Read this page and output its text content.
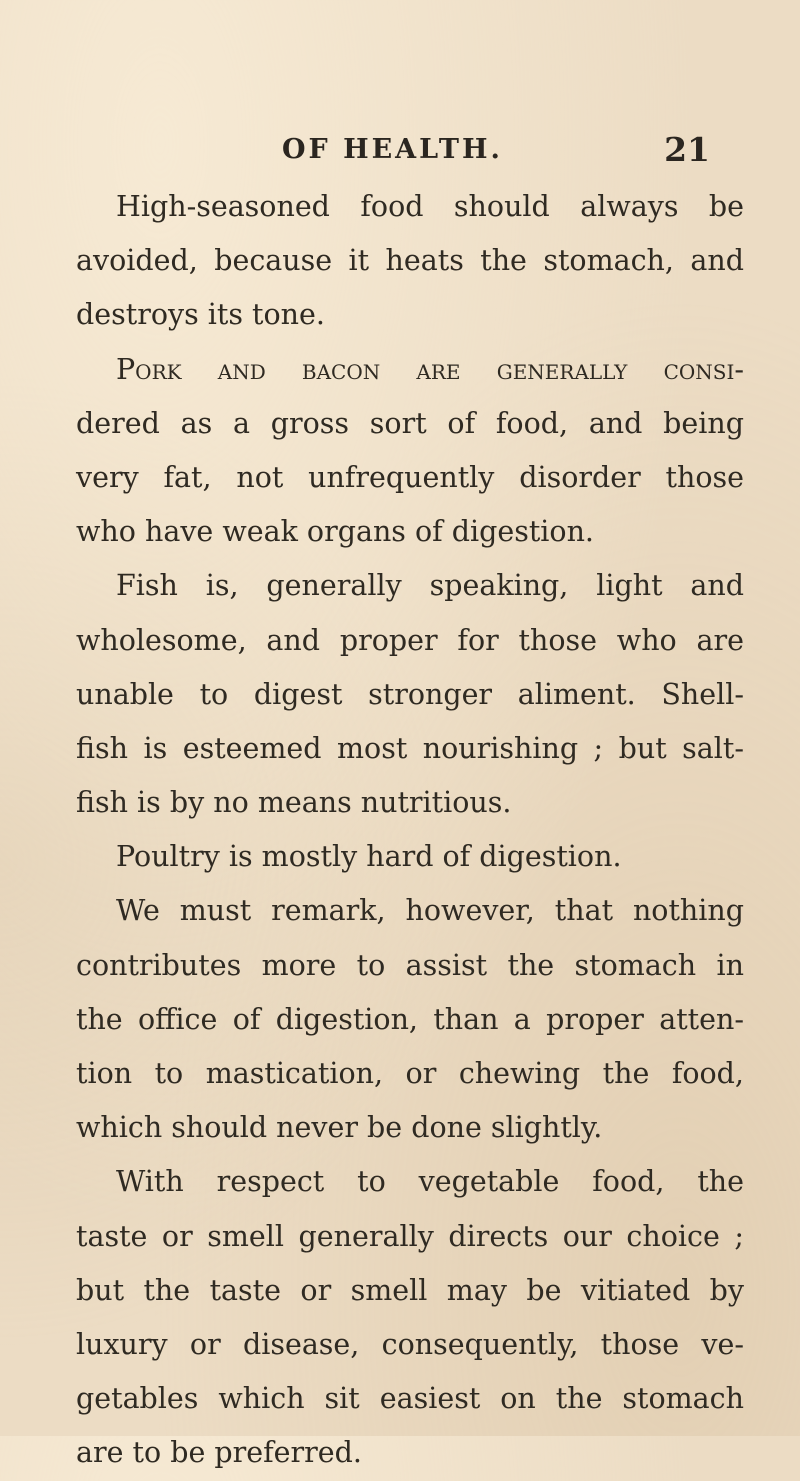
OF HEALTH.	21
High-seasoned food should always be
avoided, because it heats the stomach, and
destroys its tone.
Pork and bacon are generally consi-
dered as a gross sort of food, and being
very fat, not unfrequently disorder those
who have weak organs of digestion.
Fish is, generally speaking, light and
wholesome, and proper for those who are
unable to digest stronger aliment. Shell-
fish is esteemed most nourishing ; but salt-
fish is by no means nutritious.
Poultry is mostly hard of digestion.
We must remark, however, that nothing
contributes more to assist the stomach in
the office of digestion, than a proper atten-
tion to mastication, or chewing the food,
which should never be done slightly.
With respect to vegetable food, the
taste or smell generally directs our choice ;
but the taste or smell may be vitiated by
luxury or disease, consequently, those ve-
getables which sit easiest on the stomach
are to be preferred.
